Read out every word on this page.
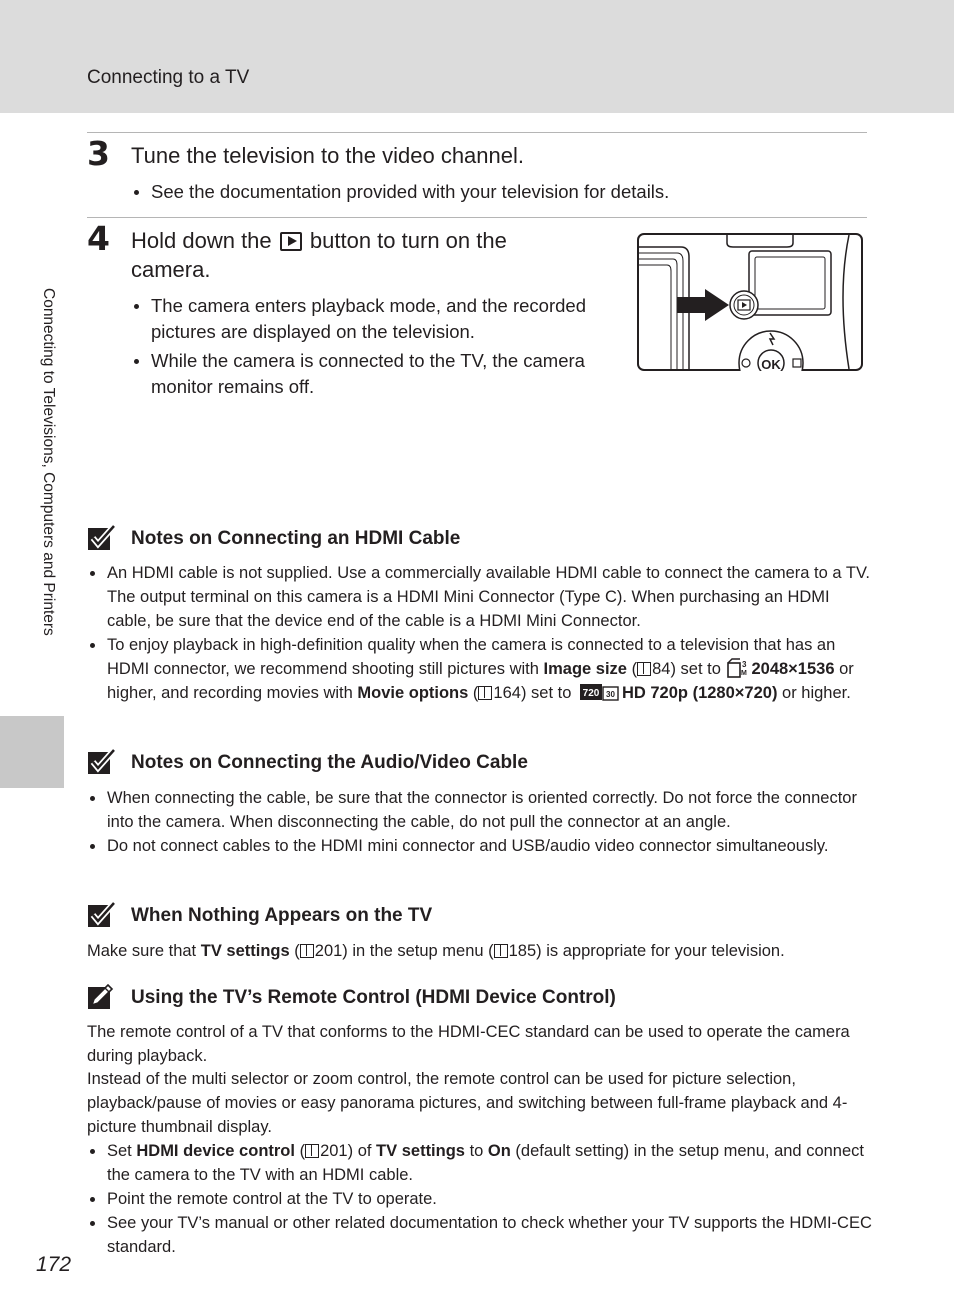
Connecting to a TV
Connecting to Televisions, Computers and Printers
3 Tune the television to the video channel.
See the documentation provided with your television for details.
4 Hold down the button to turn on the
camera.
The camera enters playback mode, and the recorded pictures are displayed on the television.
While the camera is connected to the TV, the camera monitor remains off.
OK
Notes on Connecting an HDMI Cable
An HDMI cable is not supplied. Use a commercially available HDMI cable to connect the camera to a TV. The output terminal on this camera is a HDMI Mini Connector (Type C). When purchasing an HDMI cable, be sure that the device end of the cable is a HDMI Mini Connector.
To enjoy playback in high-definition quality when the camera is connected to a television that has an HDMI connector, we recommend shooting still pictures with Image size ( 84) set to 3
M 2048×1536 or higher, and recording movies with Movie options ( 164) set to 720 30 HD 720p (1280×720) or higher.
Notes on Connecting the Audio/Video Cable
When connecting the cable, be sure that the connector is oriented correctly. Do not force the connector into the camera. When disconnecting the cable, do not pull the connector at an angle.
Do not connect cables to the HDMI mini connector and USB/audio video connector simultaneously.
When Nothing Appears on the TV

Make sure that TV settings ( 201) in the setup menu ( 185) is appropriate for your television.

Using the TV’s Remote Control (HDMI Device Control)

The remote control of a TV that conforms to the HDMI-CEC standard can be used to operate the camera during playback.

Instead of the multi selector or zoom control, the remote control can be used for picture selection, playback/pause of movies or easy panorama pictures, and switching between full-frame playback and 4-picture thumbnail display.

Set HDMI device control ( 201) of TV settings to On (default setting) in the setup menu, and connect the camera to the TV with an HDMI cable.
Point the remote control at the TV to operate.
See your TV’s manual or other related documentation to check whether your TV supports the HDMI-CEC standard.
172
